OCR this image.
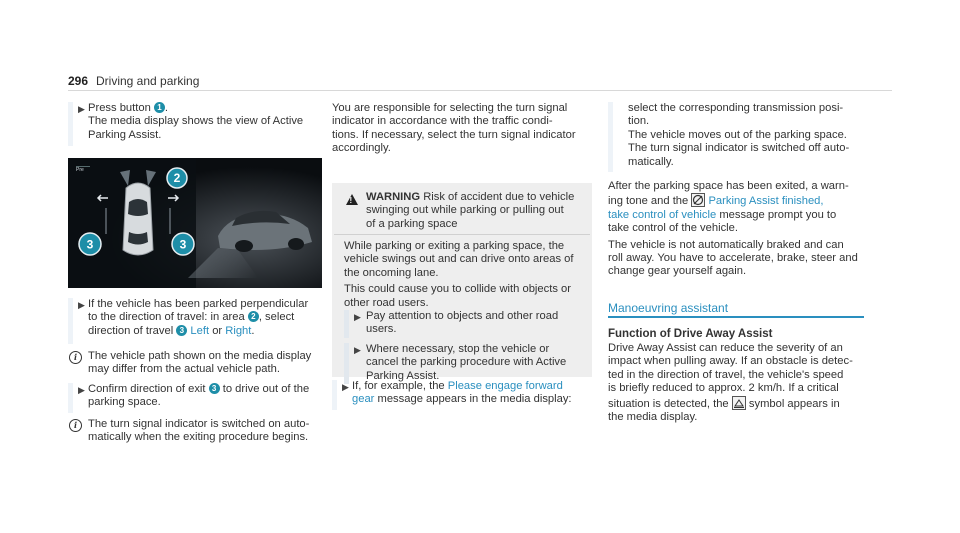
296 Driving and parking
▶ Press button 1 .
The media display shows the view of Active
Parking Assist.
Pre
2
3	3
▶ If the vehicle has been parked perpendicular
to the direction of travel: in area 2 , select
direction of travel 3 Left or Right.
i The vehicle path shown on the media display
may differ from the actual vehicle path.
▶ Confirm direction of exit 3 to drive out of the
parking space.
i The turn signal indicator is switched on auto-
matically when the exiting procedure begins.
You are responsible for selecting the turn signal
indicator in accordance with the traffic condi-
tions. If necessary, select the turn signal indicator
accordingly.
! WARNING Risk of accident due to vehicle
swinging out while parking or pulling out
of a parking space
While parking or exiting a parking space, the
vehicle swings out and can drive onto areas of
the oncoming lane.
This could cause you to collide with objects or
other road users.
▶ Pay attention to objects and other road
users.
▶ Where necessary, stop the vehicle or
cancel the parking procedure with Active
Parking Assist.
▶ If, for example, the Please engage forward
gear message appears in the media display:
select the corresponding transmission posi-
tion.
The vehicle moves out of the parking space.
The turn signal indicator is switched off auto-
matically.
After the parking space has been exited, a warn-
ing tone and the Parking Assist finished,
take control of vehicle message prompt you to
take control of the vehicle.
The vehicle is not automatically braked and can
roll away. You have to accelerate, brake, steer and
change gear yourself again.
Manoeuvring assistant
Function of Drive Away Assist
Drive Away Assist can reduce the severity of an
impact when pulling away. If an obstacle is detec-
ted in the direction of travel, the vehicle's speed
is briefly reduced to approx. 2 km/h. If a critical
situation is detected, the symbol appears in
the media display.
